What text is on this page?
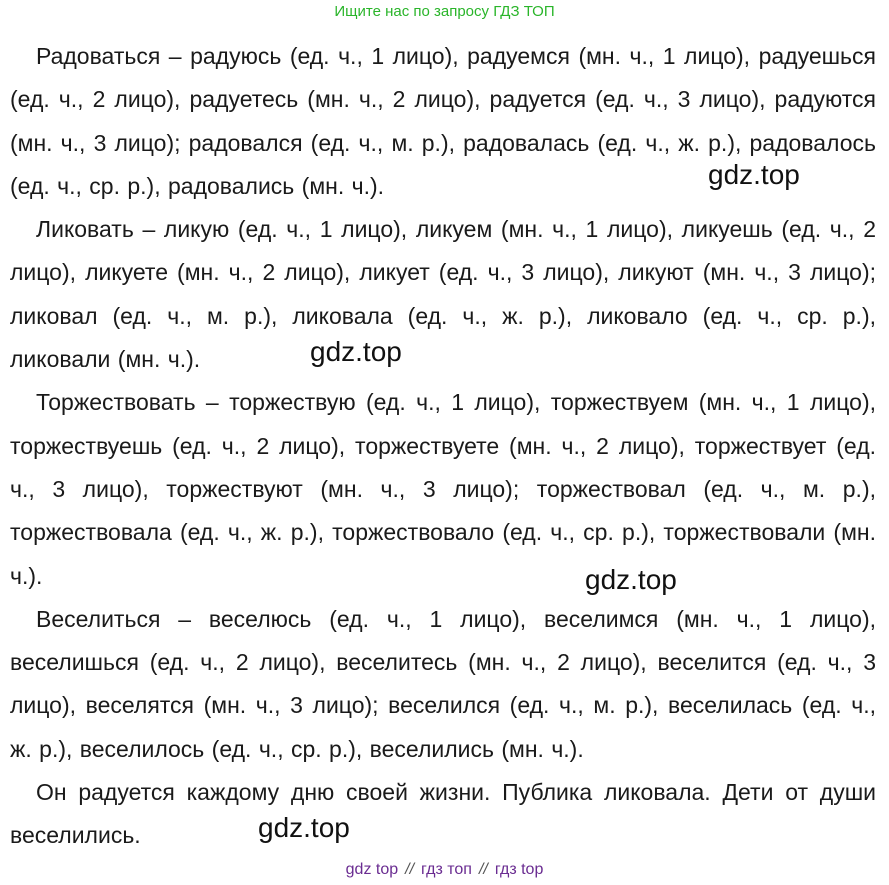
Ищите нас по запросу ГДЗ ТОП

Радоваться – радуюсь (ед. ч., 1 лицо), радуемся (мн. ч., 1 лицо), радуешься (ед. ч., 2 лицо), радуетесь (мн. ч., 2 лицо), радуется (ед. ч., 3 лицо), радуются (мн. ч., 3 лицо); радовался (ед. ч., м. р.), радовалась (ед. ч., ж. р.), радовалось (ед. ч., ср. р.), радовались (мн. ч.).

Ликовать – ликую (ед. ч., 1 лицо), ликуем (мн. ч., 1 лицо), ликуешь (ед. ч., 2 лицо), ликуете (мн. ч., 2 лицо), ликует (ед. ч., 3 лицо), ликуют (мн. ч., 3 лицо); ликовал (ед. ч., м. р.), ликовала (ед. ч., ж. р.), ликовало (ед. ч., ср. р.), ликовали (мн. ч.).

Торжествовать – торжествую (ед. ч., 1 лицо), торжествуем (мн. ч., 1 лицо), торжествуешь (ед. ч., 2 лицо), торжествуете (мн. ч., 2 лицо), торжествует (ед. ч., 3 лицо), торжествуют (мн. ч., 3 лицо); торжествовал (ед. ч., м. р.), торжествовала (ед. ч., ж. р.), торжествовало (ед. ч., ср. р.), торжествовали (мн. ч.).

Веселиться – веселюсь (ед. ч., 1 лицо), веселимся (мн. ч., 1 лицо), веселишься (ед. ч., 2 лицо), веселитесь (мн. ч., 2 лицо), веселится (ед. ч., 3 лицо), веселятся (мн. ч., 3 лицо); веселился (ед. ч., м. р.), веселилась (ед. ч., ж. р.), веселилось (ед. ч., ср. р.), веселились (мн. ч.).

Он радуется каждому дню своей жизни. Публика ликовала. Дети от души веселились.

gdz.top
gdz.top
gdz.top
gdz.top
gdz top // гдз топ // гдз top
